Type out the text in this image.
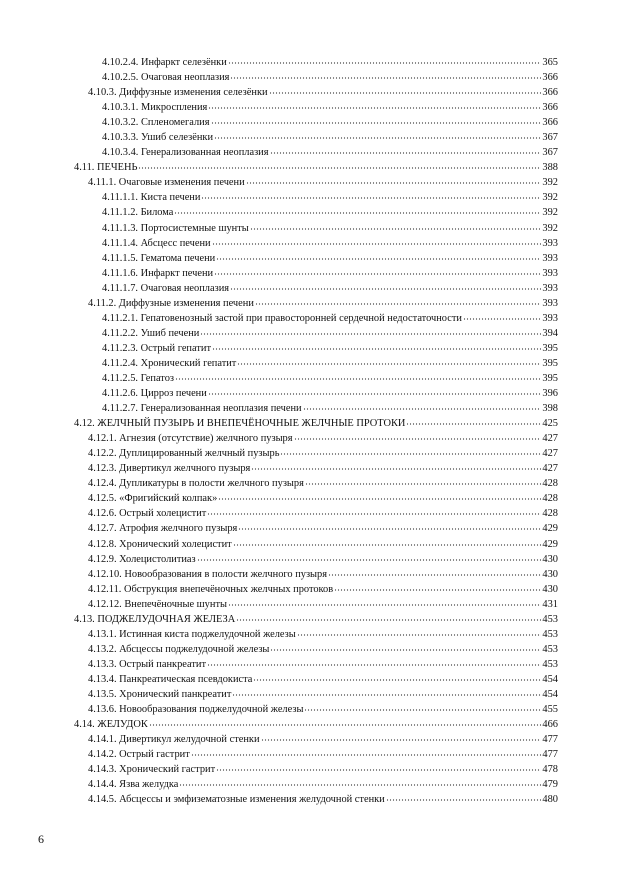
4.10.2.4. Инфаркт селезёнки	365
4.10.2.5. Очаговая неоплазия	366
4.10.3. Диффузные изменения селезёнки	366
4.10.3.1. Микроспления	366
4.10.3.2. Спленомегалия	366
4.10.3.3. Ушиб селезёнки	367
4.10.3.4. Генерализованная неоплазия	367
4.11. ПЕЧЕНЬ	388
4.11.1. Очаговые изменения печени	392
4.11.1.1. Киста печени	392
4.11.1.2. Билома	392
4.11.1.3. Портосистемные шунты	392
4.11.1.4. Абсцесс печени	393
4.11.1.5. Гематома печени	393
4.11.1.6. Инфаркт печени	393
4.11.1.7. Очаговая неоплазия	393
4.11.2. Диффузные изменения печени	393
4.11.2.1. Гепатовенозный застой при правосторонней сердечной недостаточности	393
4.11.2.2. Ушиб печени	394
4.11.2.3. Острый гепатит	395
4.11.2.4. Хронический гепатит	395
4.11.2.5. Гепатоз	395
4.11.2.6. Цирроз печени	396
4.11.2.7. Генерализованная неоплазия печени	398
4.12. ЖЕЛЧНЫЙ ПУЗЫРЬ И ВНЕПЕЧЁНОЧНЫЕ ЖЕЛЧНЫЕ ПРОТОКИ	425
4.12.1. Агнезия (отсутствие) желчного пузыря	427
4.12.2. Дуплицированный желчный пузырь	427
4.12.3. Дивертикул желчного пузыря	427
4.12.4. Дупликатуры в полости желчного пузыря	428
4.12.5. «Фригийский колпак»	428
4.12.6. Острый холецистит	428
4.12.7. Атрофия желчного пузыря	429
4.12.8. Хронический холецистит	429
4.12.9. Холецистолитиаз	430
4.12.10. Новообразования в полости желчного пузыря	430
4.12.11. Обструкция внепечёночных желчных протоков	430
4.12.12. Внепечёночные шунты	431
4.13. ПОДЖЕЛУДОЧНАЯ ЖЕЛЕЗА	453
4.13.1. Истинная киста поджелудочной железы	453
4.13.2. Абсцессы поджелудочной железы	453
4.13.3. Острый панкреатит	453
4.13.4. Панкреатическая псевдокиста	454
4.13.5. Хронический панкреатит	454
4.13.6. Новообразования поджелудочной железы	455
4.14. ЖЕЛУДОК	466
4.14.1. Дивертикул желудочной стенки	477
4.14.2. Острый гастрит	477
4.14.3. Хронический гастрит	478
4.14.4. Язва желудка	479
4.14.5. Абсцессы и эмфизематозные изменения желудочной стенки	480
6
